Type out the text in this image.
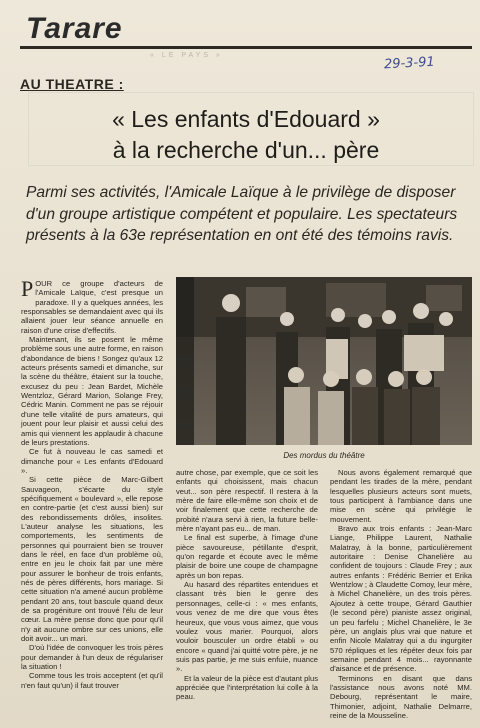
Tarare
« LE PAYS »	29-3-91
AU THEATRE :
« Les enfants d'Edouard »
à la recherche d'un... père
Parmi ses activités, l'Amicale Laïque à le privilège de disposer d'un groupe artistique compétent et populaire. Les spectateurs présents à la 63e représentation en ont été des témoins ravis.

POUR ce groupe d'acteurs de l'Amicale Laïque, c'est presque un paradoxe. Il y a quelques années, les responsables se demandaient avec qui ils allaient jouer leur séance annuelle en raison d'une crise d'effectifs.

Maintenant, ils se posent le même problème sous une autre forme, en raison d'abondance de biens ! Songez qu'aux 12 acteurs présents samedi et dimanche, sur la scène du théâtre, étaient sur la touche, excusez du peu : Jean Bardet, Michèle Wentzloz, Gérard Marion, Solange Frey, Cédric Manin. Comment ne pas se réjouir d'une telle vitalité de purs amateurs, qui jouent pour leur plaisir et aussi celui des amis qui viennent les applaudir à chacune de leurs prestations.

Ce fut à nouveau le cas samedi et dimanche pour « Les enfants d'Edouard ».

Si cette pièce de Marc-Gilbert Sauvageon, s'écarte du style spécifiquement « boulevard », elle repose en contre-partie (et c'est aussi bien) sur des rebondissements drôles, insolites. L'auteur analyse les situations, les comportements, les sentiments de personnes qui pourraient bien se trouver dans le réel, en face d'un problème où, entre en jeu le choix fait par une mère pour assurer le bonheur de trois enfants, nés de pères différents, hors mariage. Si cette situation n'a amené aucun problème pendant 20 ans, tout bascule quand deux de sa progéniture ont trouvé l'élu de leur cœur. La mère pense donc que pour qu'il n'y ait aucune ombre sur ces unions, elle doit avoir... un mari.

D'où l'idée de convoquer les trois pères pour demander à l'un deux de régulariser la situation !

Comme tous les trois acceptent (et qu'il n'en faut qu'un) il faut trouver

Des mordus du théâtre

autre chose, par exemple, que ce soit les enfants qui choisissent, mais chacun veut... son père respectif. Il restera à la mère de faire elle-même son choix et de voir finalement que cette recherche de probité n'aura servi à rien, la future belle-mère n'ayant pas eu... de man.

Le final est superbe, à l'image d'une pièce savoureuse, pétillante d'esprit, qu'on regarde et écoute avec le même plaisir de boire une coupe de champagne après un bon repas.

Au hasard des répartites entendues et classant très bien le genre des personnages, celle-ci : « mes enfants, vous venez de me dire que vous êtes heureux, que vous vous aimez, que vous voulez vous marier. Pourquoi, alors vouloir bousculer un ordre établi » ou encore « quand j'ai quitté votre père, je ne suis pas partie, je me suis enfuie, nuance ».

Et la valeur de la pièce est d'autant plus appréciée que l'interprétation lui colle à la peau.

Nous avons également remarqué que pendant les tirades de la mère, pendant lesquelles plusieurs acteurs sont muets, tous participent à l'ambiance dans une mise en scène qui privilégie le mouvement.

Bravo aux trois enfants : Jean-Marc Liange, Philippe Laurent, Nathalie Malatray, à la bonne, particulièrement autoritaire : Denise Chanelière au confident de toujours : Claude Frey ; aux autres enfants : Frédéric Berrier et Erika Wentzlow ; à Claudette Comoy, leur mère, à Michel Chanelière, un des trois pères. Ajoutez à cette troupe, Gérard Gauthier (le second père) pianiste assez original, un peu farfelu ; Michel Chanelière, le 3e père, un anglais plus vrai que nature et enfin Nicole Malatray qui a du ingurgiter 570 répliques et les répéter deux fois par semaine pendant 4 mois... rayonnante d'aisance et de présence.

Terminons en disant que dans l'assistance nous avons noté MM. Debourg, représentant le maire, Thimonier, adjoint, Nathalie Delmarre, reine de la Mousseline.
